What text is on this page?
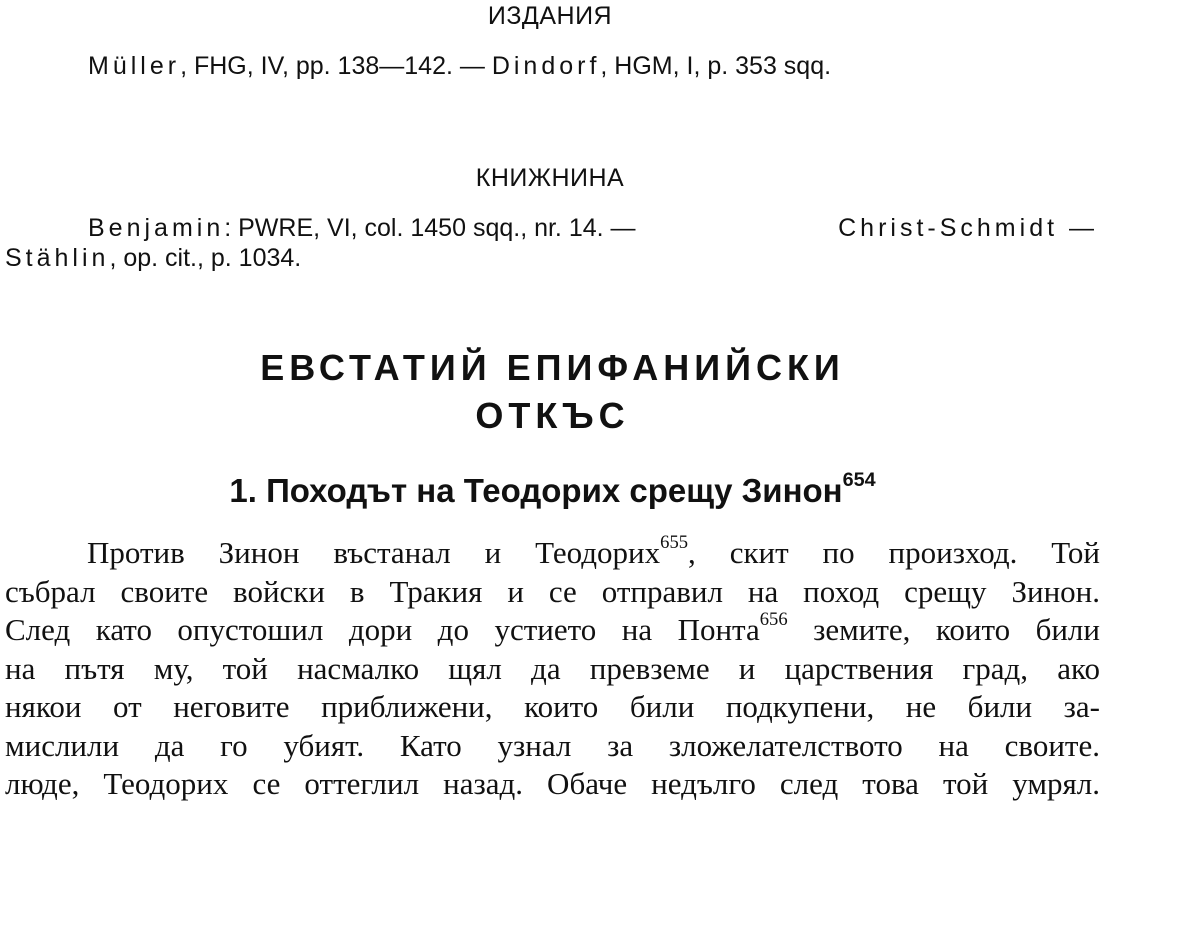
ИЗДАНИЯ
Müller, FHG, IV, pp. 138—142. — Dindorf, HGM, I, p. 353 sqq.
КНИЖНИНА
Benjamin: PWRE, VI, col. 1450 sqq., nr. 14. —	Christ-Schmidt —
Stählin, op. cit., p. 1034.
ЕВСТАТИЙ ЕПИФАНИЙСКИ
ОТКЪС
1. Походът на Теодорих срещу Зинон$^{654}$
Против Зинон въстанал и Теодорих$^{655}$, скит по произход. Той
събрал своите войски в Тракия и се отправил на поход срещу Зинон.
След като опустошил дори до устието на Понта$^{656}$ земите, които били
на пътя му, той насмалко щял да превземе и царствения град, ако
някои от неговите приближени, които били подкупени, не били за-
мислили да го убият. Като узнал за зложелателството на своите.
люде, Теодорих се оттеглил назад. Обаче недълго след това той умрял.
